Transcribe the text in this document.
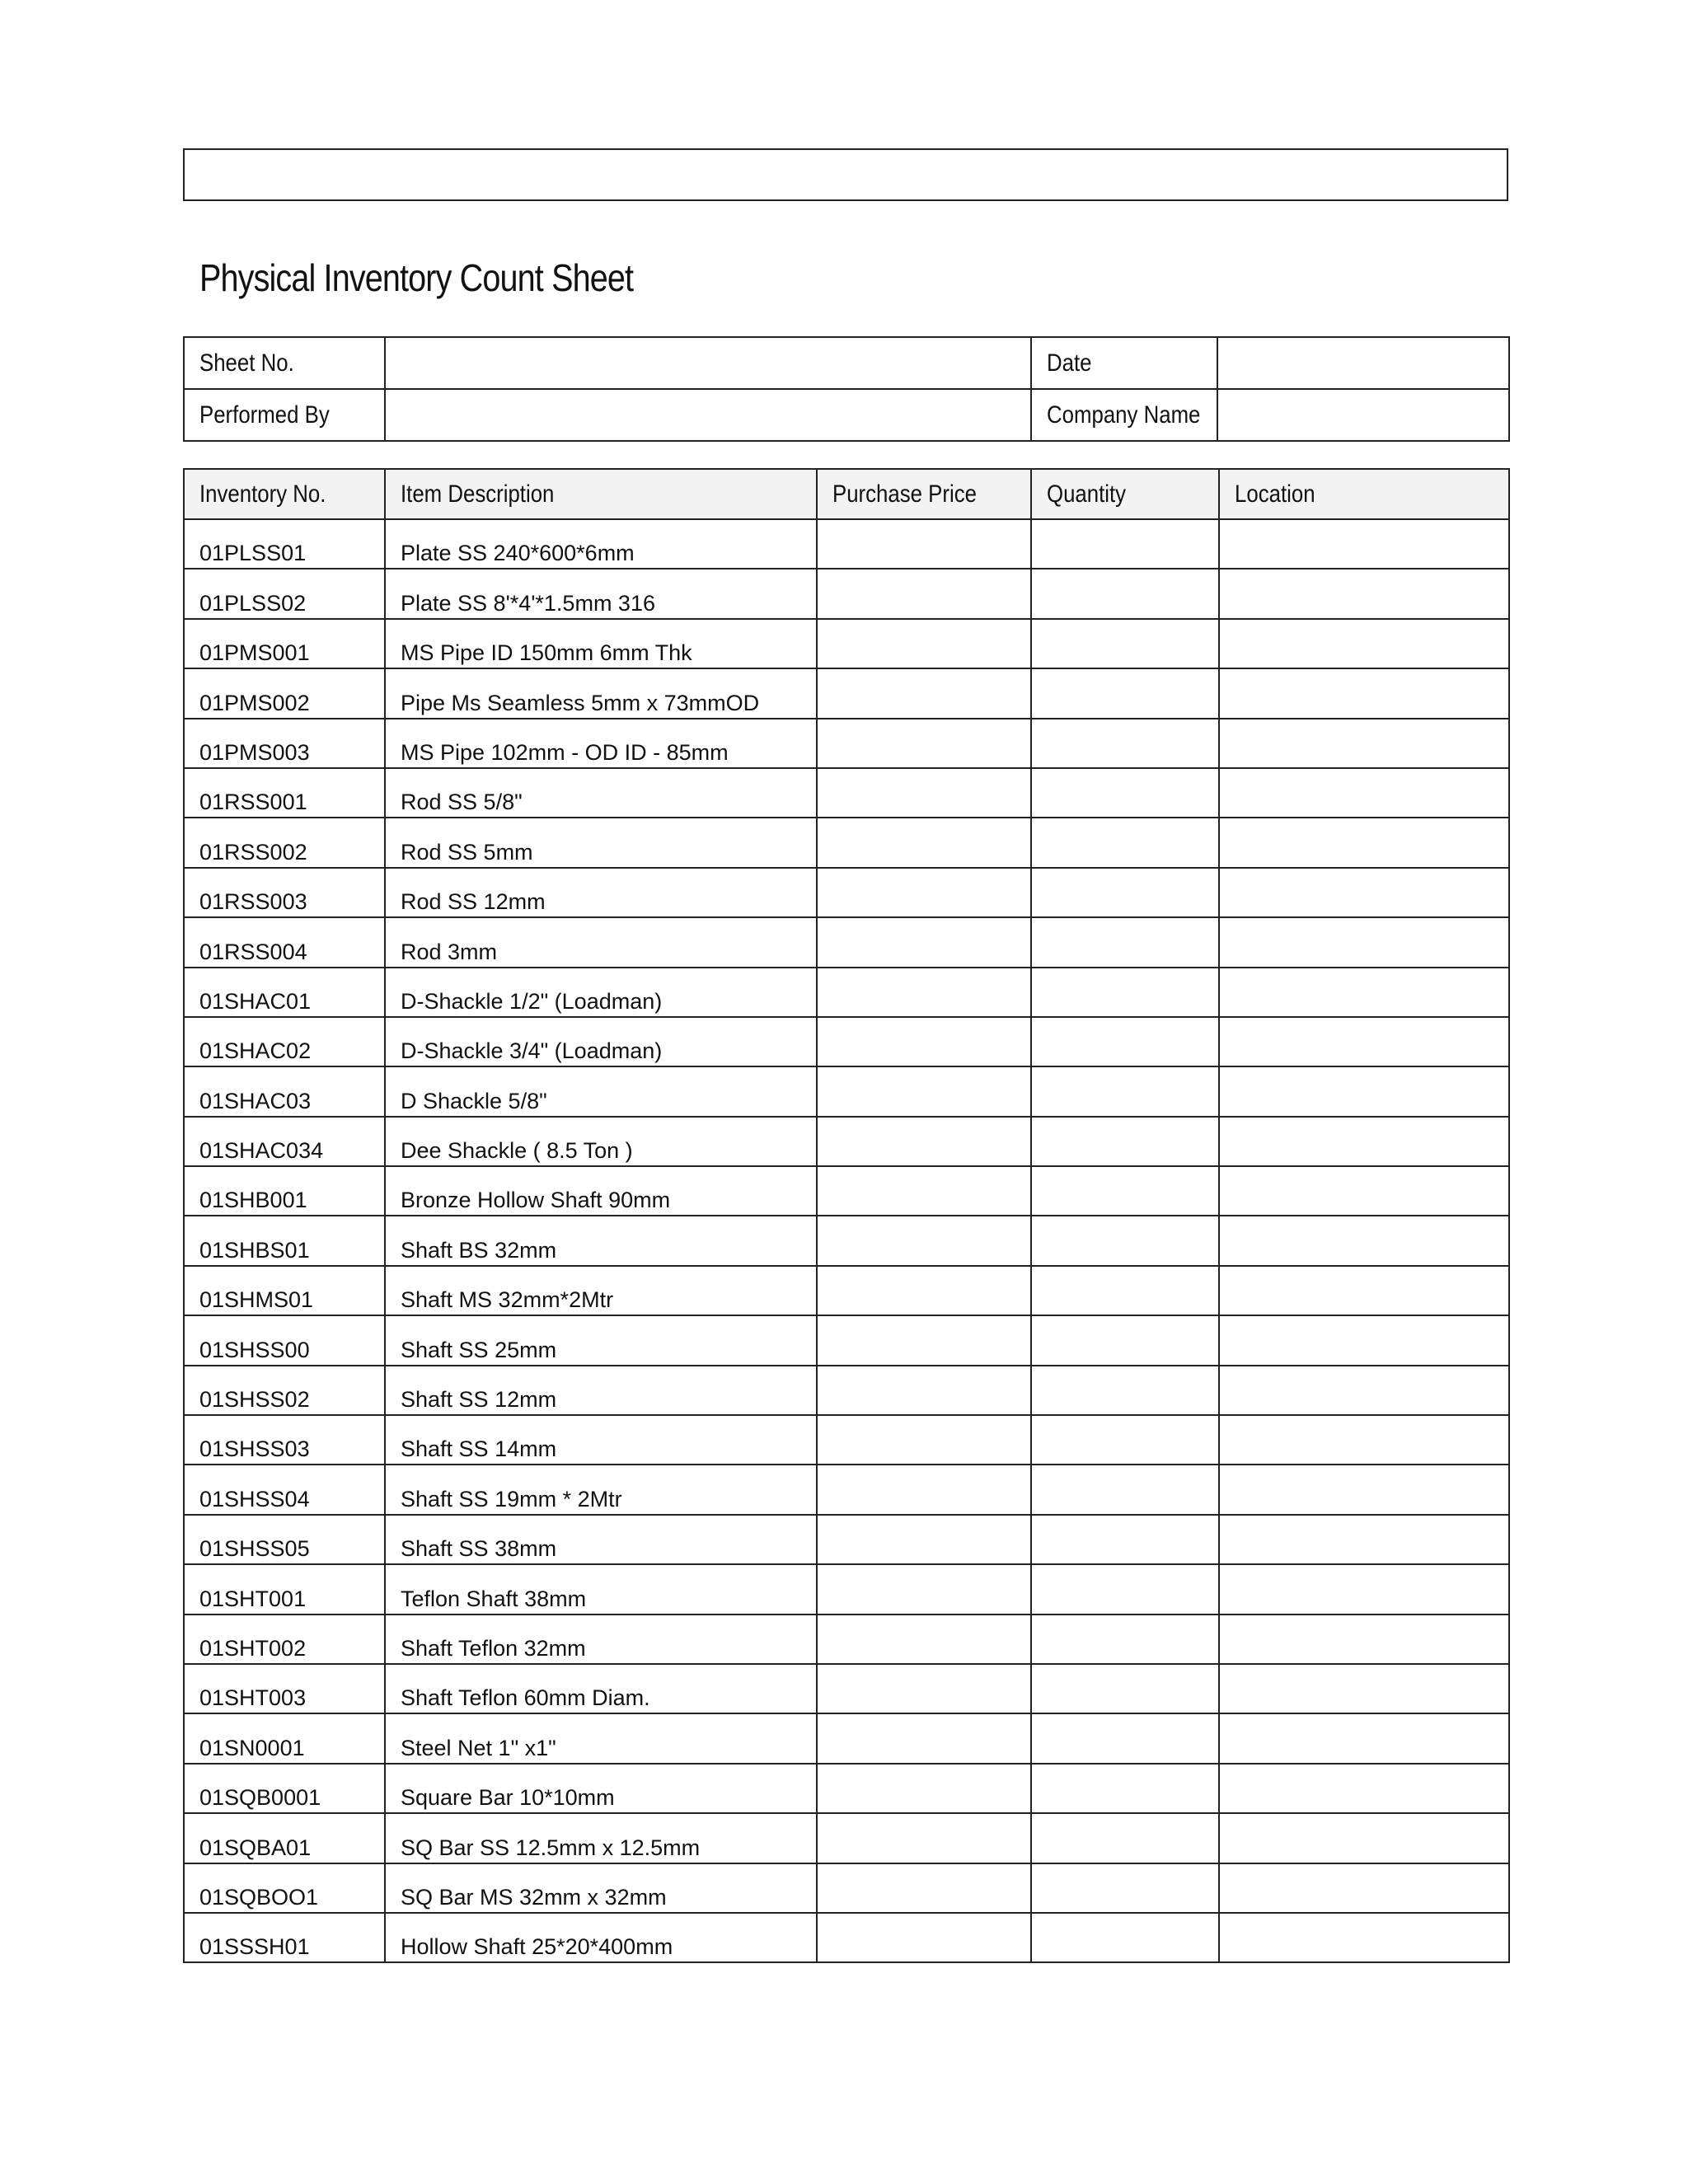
Physical Inventory Count Sheet
Sheet No.		Date	
Performed By		Company Name	
Inventory No.	Item Description	Purchase Price	Quantity	Location
01PLSS01	Plate SS 240*600*6mm			
01PLSS02	Plate SS 8'*4'*1.5mm 316			
01PMS001	MS Pipe ID 150mm 6mm Thk			
01PMS002	Pipe Ms Seamless 5mm x 73mmOD			
01PMS003	MS Pipe 102mm - OD ID - 85mm			
01RSS001	Rod SS 5/8"			
01RSS002	Rod SS 5mm			
01RSS003	Rod SS 12mm			
01RSS004	Rod 3mm			
01SHAC01	D-Shackle 1/2" (Loadman)			
01SHAC02	D-Shackle 3/4" (Loadman)			
01SHAC03	D Shackle 5/8"			
01SHAC034	Dee Shackle ( 8.5 Ton )			
01SHB001	Bronze Hollow Shaft 90mm			
01SHBS01	Shaft BS 32mm			
01SHMS01	Shaft MS 32mm*2Mtr			
01SHSS00	Shaft SS 25mm			
01SHSS02	Shaft SS 12mm			
01SHSS03	Shaft SS 14mm			
01SHSS04	Shaft SS 19mm * 2Mtr			
01SHSS05	Shaft SS 38mm			
01SHT001	Teflon Shaft 38mm			
01SHT002	Shaft Teflon 32mm			
01SHT003	Shaft Teflon 60mm Diam.			
01SN0001	Steel Net 1" x1"			
01SQB0001	Square Bar 10*10mm			
01SQBA01	SQ Bar SS 12.5mm x 12.5mm			
01SQBOO1	SQ Bar MS 32mm x 32mm			
01SSSH01	Hollow Shaft 25*20*400mm			
